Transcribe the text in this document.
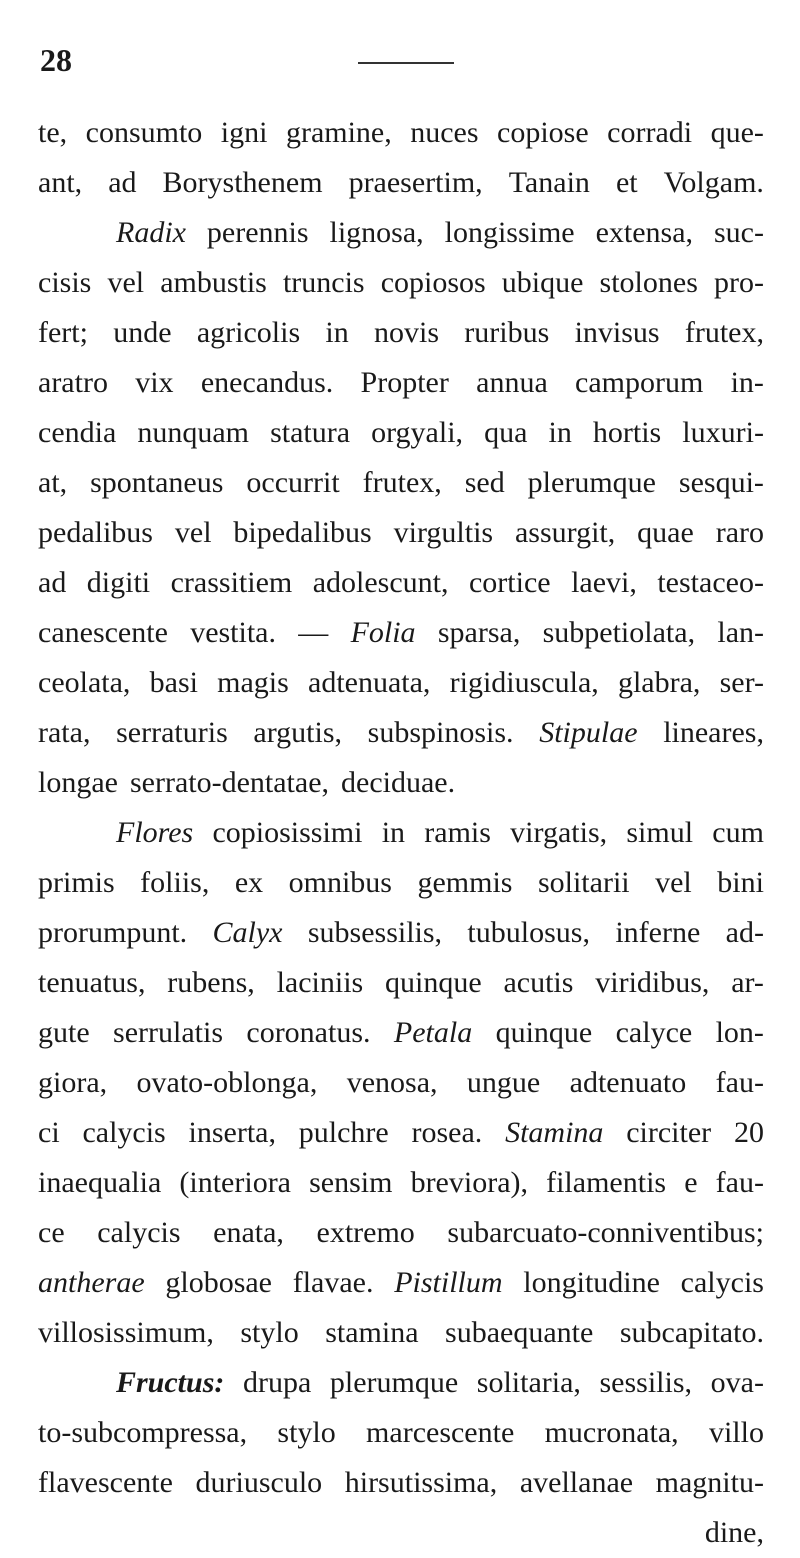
28
te, consumto igni gramine, nuces copiose corradi que-
ant, ad Borysthenem praesertim, Tanain et Volgam.
Radix perennis lignosa, longissime extensa, suc-
cisis vel ambustis truncis copiosos ubique stolones pro-
fert; unde agricolis in novis ruribus invisus frutex,
aratro vix enecandus. Propter annua camporum in-
cendia nunquam statura orgyali, qua in hortis luxuri-
at, spontaneus occurrit frutex, sed plerumque sesqui-
pedalibus vel bipedalibus virgultis assurgit, quae raro
ad digiti crassitiem adolescunt, cortice laevi, testaceo-
canescente vestita. — Folia sparsa, subpetiolata, lan-
ceolata, basi magis adtenuata, rigidiuscula, glabra, ser-
rata, serraturis argutis, subspinosis. Stipulae lineares,
longae serrato-dentatae, deciduae.
Flores copiosissimi in ramis virgatis, simul cum
primis foliis, ex omnibus gemmis solitarii vel bini
prorumpunt. Calyx subsessilis, tubulosus, inferne ad-
tenuatus, rubens, laciniis quinque acutis viridibus, ar-
gute serrulatis coronatus. Petala quinque calyce lon-
giora, ovato-oblonga, venosa, ungue adtenuato fau-
ci calycis inserta, pulchre rosea. Stamina circiter 20
inaequalia (interiora sensim breviora), filamentis e fau-
ce calycis enata, extremo subarcuato-conniventibus;
antherae globosae flavae. Pistillum longitudine calycis
villosissimum, stylo stamina subaequante subcapitato.
Fructus: drupa plerumque solitaria, sessilis, ova-
to-subcompressa, stylo marcescente mucronata, villo
flavescente duriusculo hirsutissima, avellanae magnitu-
dine,
